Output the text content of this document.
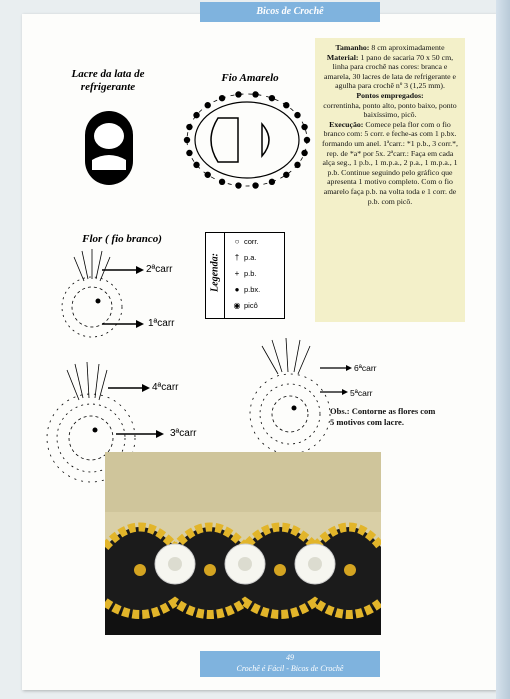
Bicos de Crochê
Lacre da lata de refrigerante
Fio Amarelo
Flor ( fio branco)
2ªcarr
1ªcarr
4ªcarr
3ªcarr
6ªcarr
5ªcarr
Legenda:
○ corr.
† p.a.
+ p.b.
● p.bx.
◉ picô
Tamanho: 8 cm aproximadamente
Material: 1 pano de sacaria 70 x 50 cm, linha para crochê nas cores: branca e amarela, 30 lacres de lata de refrigerante e agulha para crochê nº 3 (1,25 mm).
Pontos empregados:
correntinha, ponto alto, ponto baixo, ponto baixíssimo, picô.
Execução: Comece pela flor com o fio branco com: 5 corr. e feche-as com 1 p.bx. formando um anel. 1ªcarr.: *1 p.b., 3 corr.*, rep. de *a* por 5x. 2ªcarr.: Faça em cada alça seg., 1 p.b., 1 m.p.a., 2 p.a., 1 m.p.a., 1 p.b. Continue seguindo pelo gráfico que apresenta 1 motivo completo. Com o fio amarelo faça p.b. na volta toda e 1 corr. de p.b. com picô.
Obs.: Contorne as flores com 5 motivos com lacre.
49
Crochê é Fácil - Bicos de Crochê
